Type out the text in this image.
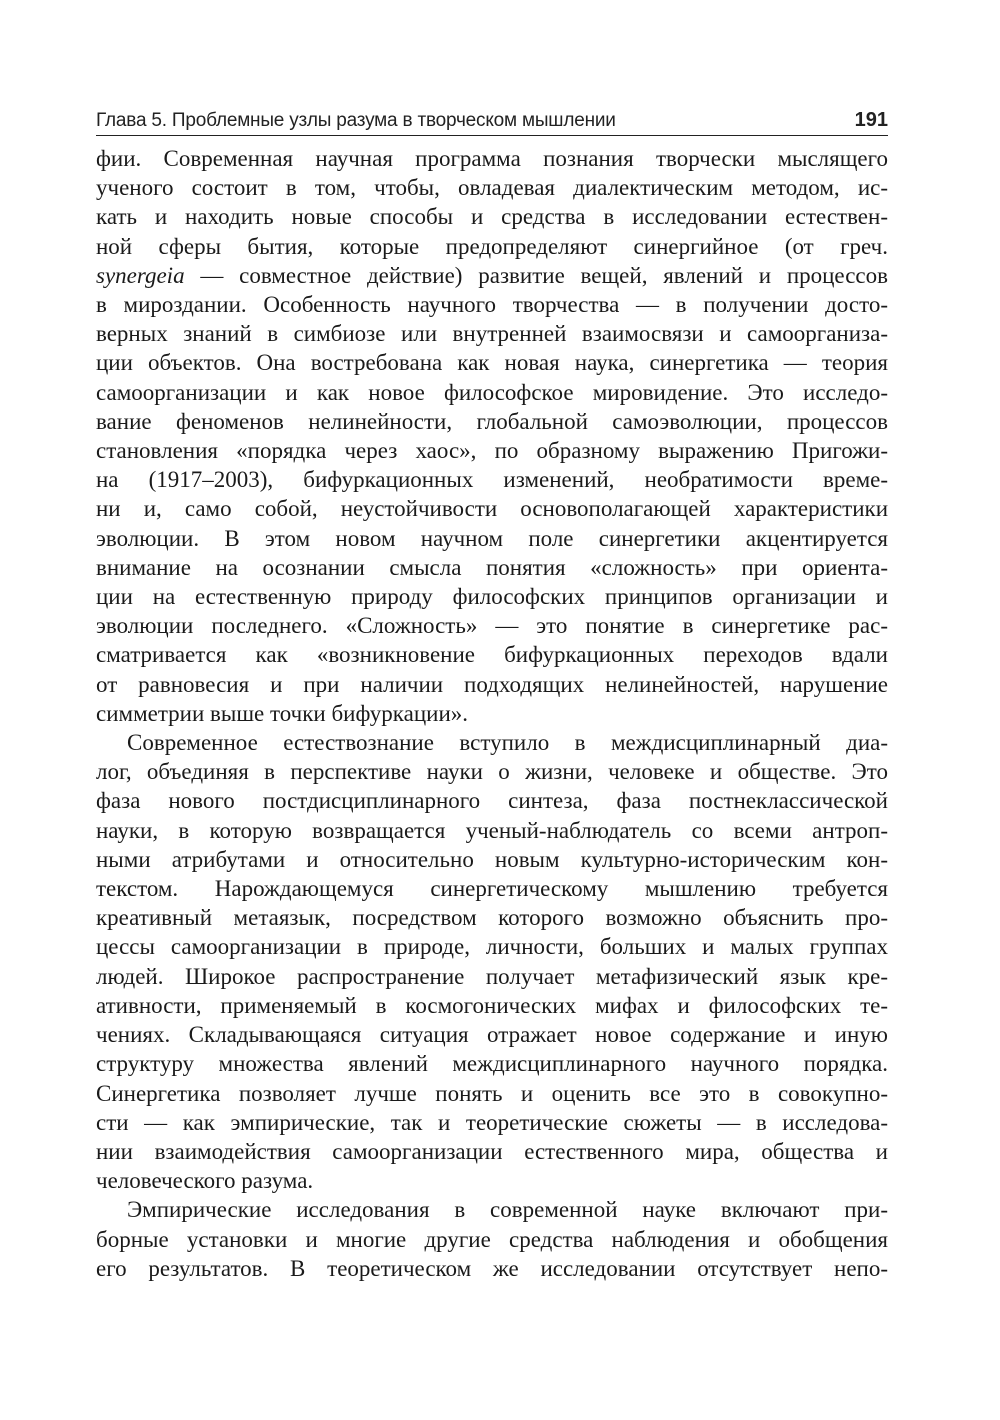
Глава 5. Проблемные узлы разума в творческом мышлении	191

фии. Современная научная программа познания творчески мыслящего
ученого состоит в том, чтобы, овладевая диалектическим методом, ис-
кать и находить новые способы и средства в исследовании естествен-
ной сферы бытия, которые предопределяют синергийное (от греч.
synergeia — совместное действие) развитие вещей, явлений и процессов
в мироздании. Особенность научного творчества — в получении досто-
верных знаний в симбиозе или внутренней взаимосвязи и самоорганиза-
ции объектов. Она востребована как новая наука, синергетика — теория
самоорганизации и как новое философское мировидение. Это исследо-
вание феноменов нелинейности, глобальной самоэволюции, процессов
становления «порядка через хаос», по образному выражению Пригожи-
на (1917–2003), бифуркационных изменений, необратимости време-
ни и, само собой, неустойчивости основополагающей характеристики
эволюции. В этом новом научном поле синергетики акцентируется
внимание на осознании смысла понятия «сложность» при ориента-
ции на естественную природу философских принципов организации и
эволюции последнего. «Сложность» — это понятие в синергетике рас-
сматривается как «возникновение бифуркационных переходов вдали
от равновесия и при наличии подходящих нелинейностей, нарушение
симметрии выше точки бифуркации».

Современное естествознание вступило в междисциплинарный диа-
лог, объединяя в перспективе науки о жизни, человеке и обществе. Это
фаза нового постдисциплинарного синтеза, фаза постнеклассической
науки, в которую возвращается ученый-наблюдатель со всеми антроп-
ными атрибутами и относительно новым культурно-историческим кон-
текстом. Нарождающемуся синергетическому мышлению требуется
креативный метаязык, посредством которого возможно объяснить про-
цессы самоорганизации в природе, личности, больших и малых группах
людей. Широкое распространение получает метафизический язык кре-
ативности, применяемый в космогонических мифах и философских те-
чениях. Складывающаяся ситуация отражает новое содержание и иную
структуру множества явлений междисциплинарного научного порядка.
Синергетика позволяет лучше понять и оценить все это в совокупно-
сти — как эмпирические, так и теоретические сюжеты — в исследова-
нии взаимодействия самоорганизации естественного мира, общества и
человеческого разума.

Эмпирические исследования в современной науке включают при-
борные установки и многие другие средства наблюдения и обобщения
его результатов. В теоретическом же исследовании отсутствует непо-
